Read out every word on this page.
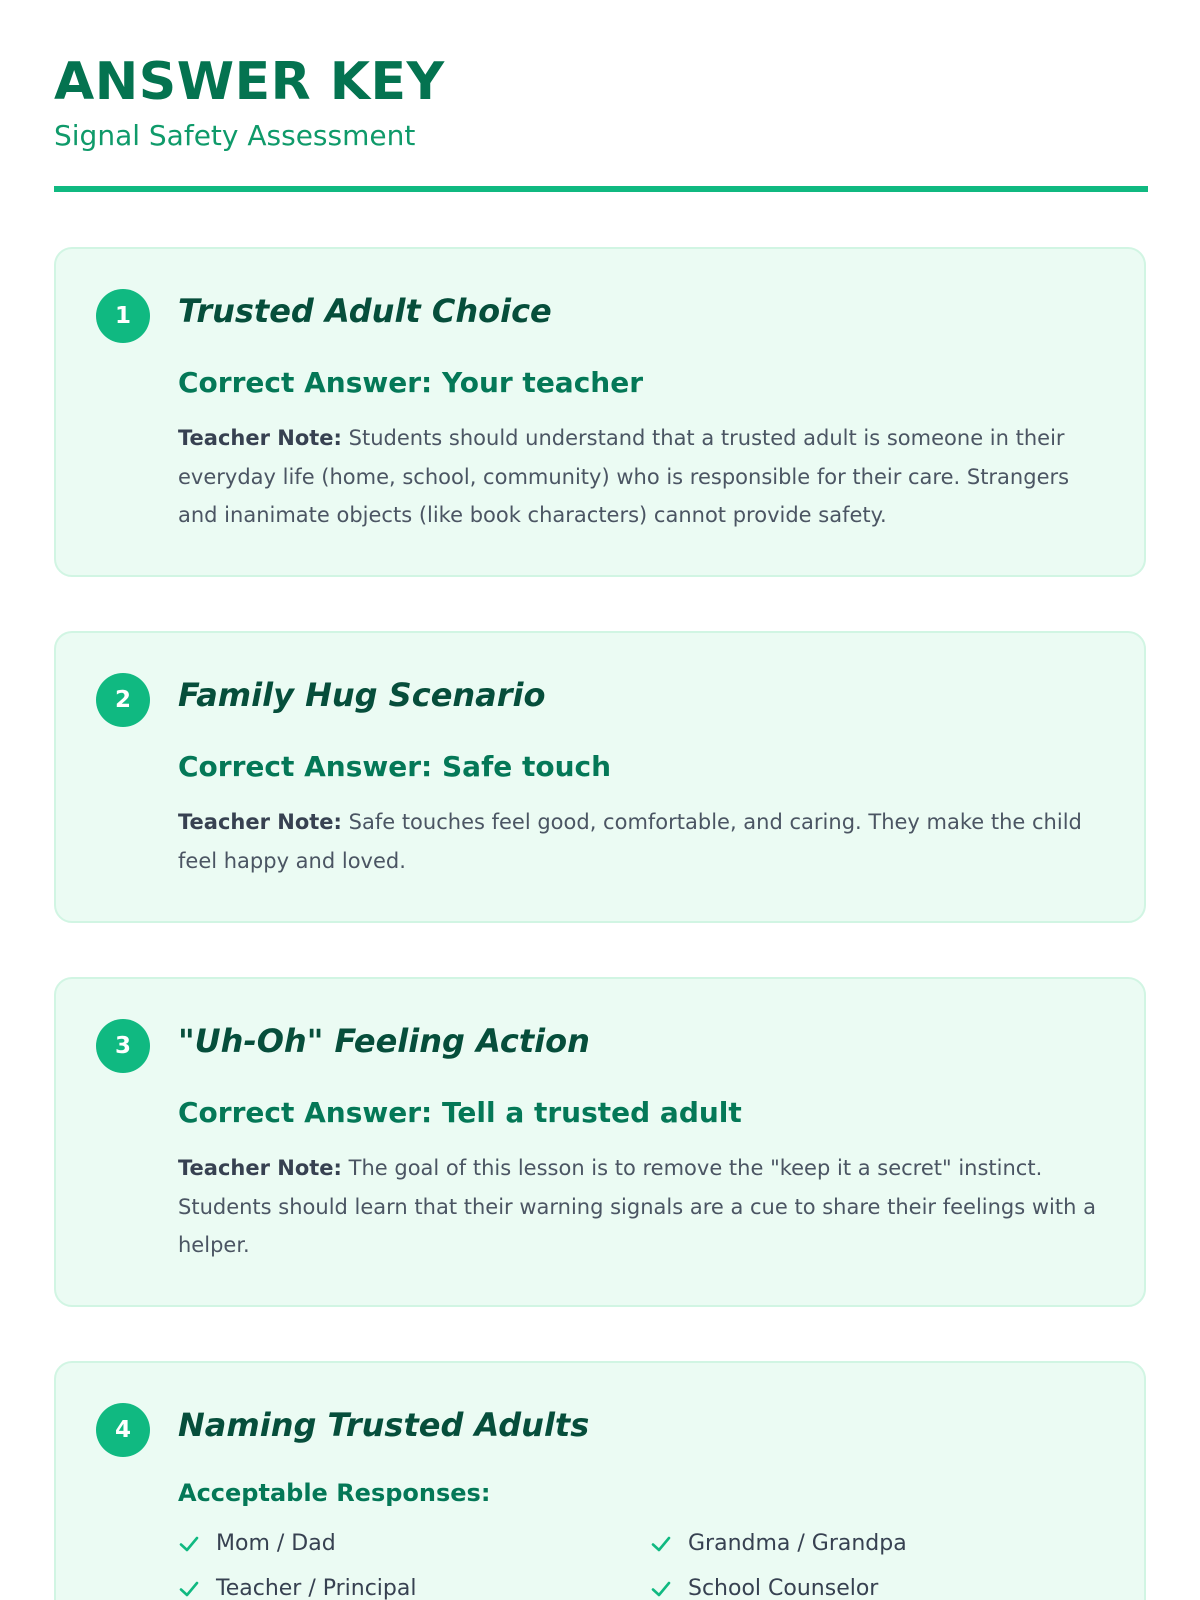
ANSWER KEY
Signal Safety Assessment
1	Trusted Adult Choice
Correct Answer: Your teacher
Teacher Note: Students should understand that a trusted adult is someone in their everyday life (home, school, community) who is responsible for their care. Strangers and inanimate objects (like book characters) cannot provide safety.
2	Family Hug Scenario
Correct Answer: Safe touch
Teacher Note: Safe touches feel good, comfortable, and caring. They make the child feel happy and loved.
3	"Uh-Oh" Feeling Action
Correct Answer: Tell a trusted adult
Teacher Note: The goal of this lesson is to remove the "keep it a secret" instinct. Students should learn that their warning signals are a cue to share their feelings with a helper.
4	Naming Trusted Adults
Acceptable Responses:
Mom / Dad	Grandma / Grandpa
Teacher / Principal	School Counselor
